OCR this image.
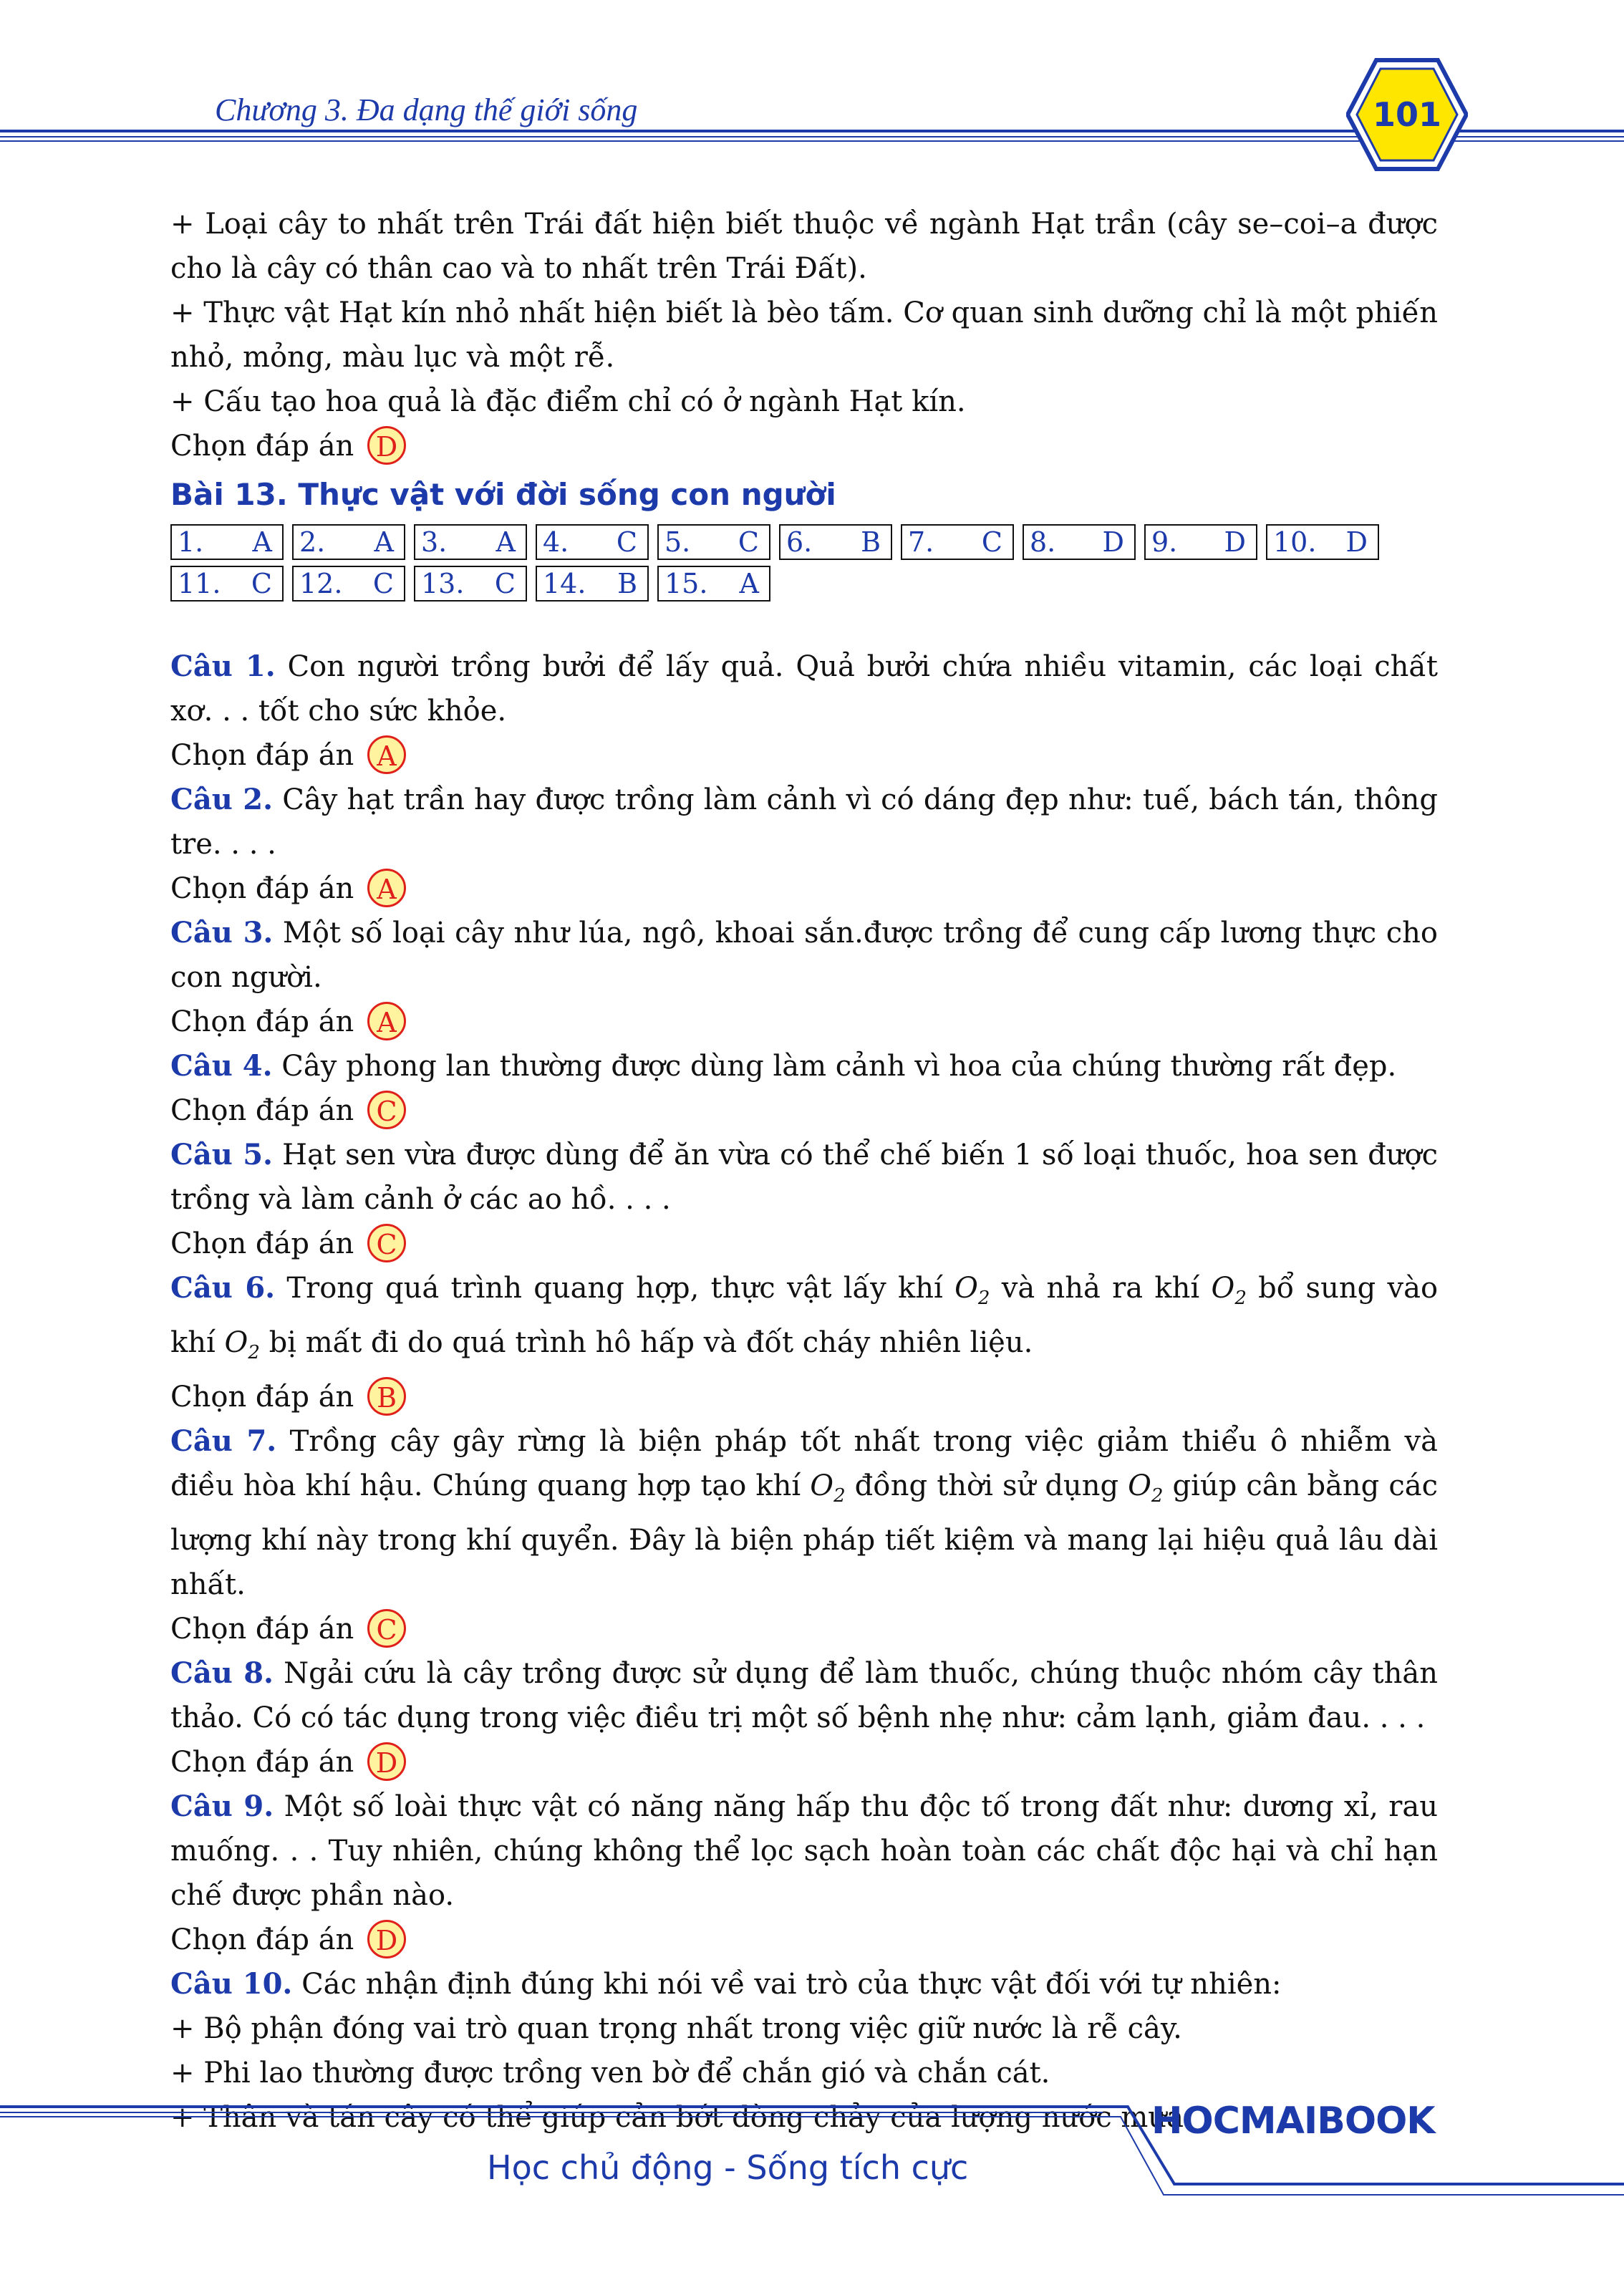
Chương 3. Đa dạng thế giới sống	101

+ Loại cây to nhất trên Trái đất hiện biết thuộc về ngành Hạt trần (cây se–coi–a được cho là cây có thân cao và to nhất trên Trái Đất).

+ Thực vật Hạt kín nhỏ nhất hiện biết là bèo tấm. Cơ quan sinh dưỡng chỉ là một phiến nhỏ, mỏng, màu lục và một rễ.

+ Cấu tạo hoa quả là đặc điểm chỉ có ở ngành Hạt kín.

Chọn đáp án D

Bài 13. Thực vật với đời sống con người

1. A 2. A 3. A 4. C 5. C 6. B 7. C 8. D 9. D 10. D
11. C 12. C 13. C 14. B 15. A

Câu 1. Con người trồng bưởi để lấy quả. Quả bưởi chứa nhiều vitamin, các loại chất xơ. . . tốt cho sức khỏe.

Chọn đáp án A

Câu 2. Cây hạt trần hay được trồng làm cảnh vì có dáng đẹp như: tuế, bách tán, thông tre. . . .

Chọn đáp án A

Câu 3. Một số loại cây như lúa, ngô, khoai sắn.được trồng để cung cấp lương thực cho con người.

Chọn đáp án A

Câu 4. Cây phong lan thường được dùng làm cảnh vì hoa của chúng thường rất đẹp.

Chọn đáp án C

Câu 5. Hạt sen vừa được dùng để ăn vừa có thể chế biến 1 số loại thuốc, hoa sen được trồng và làm cảnh ở các ao hồ. . . .

Chọn đáp án C

Câu 6. Trong quá trình quang hợp, thực vật lấy khí $O_2$ và nhả ra khí $O_2$ bổ sung vào khí $O_2$ bị mất đi do quá trình hô hấp và đốt cháy nhiên liệu.

Chọn đáp án B

Câu 7. Trồng cây gây rừng là biện pháp tốt nhất trong việc giảm thiểu ô nhiễm và điều hòa khí hậu. Chúng quang hợp tạo khí $O_2$ đồng thời sử dụng $O_2$ giúp cân bằng các lượng khí này trong khí quyển. Đây là biện pháp tiết kiệm và mang lại hiệu quả lâu dài nhất.

Chọn đáp án C

Câu 8. Ngải cứu là cây trồng được sử dụng để làm thuốc, chúng thuộc nhóm cây thân thảo. Có có tác dụng trong việc điều trị một số bệnh nhẹ như: cảm lạnh, giảm đau. . . .

Chọn đáp án D

Câu 9. Một số loài thực vật có năng năng hấp thu độc tố trong đất như: dương xỉ, rau muống. . . Tuy nhiên, chúng không thể lọc sạch hoàn toàn các chất độc hại và chỉ hạn chế được phần nào.

Chọn đáp án D

Câu 10. Các nhận định đúng khi nói về vai trò của thực vật đối với tự nhiên:

+ Bộ phận đóng vai trò quan trọng nhất trong việc giữ nước là rễ cây.

+ Phi lao thường được trồng ven bờ để chắn gió và chắn cát.

+ Thân và tán cây có thể giúp cản bớt dòng chảy của lượng nước mưa.

HOCMAIBOOK
Học chủ động - Sống tích cực
